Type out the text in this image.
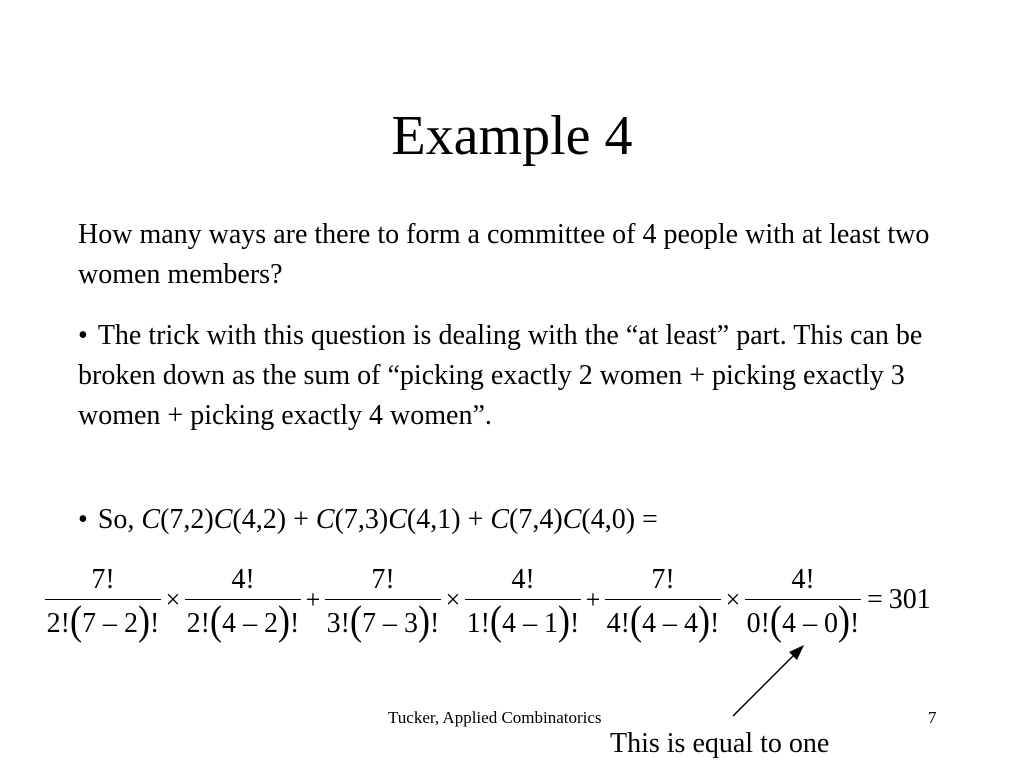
Example 4
How many ways are there to form a committee of 4 people with at least two women members?
• The trick with this question is dealing with the “at least” part. This can be broken down as the sum of “picking exactly 2 women + picking exactly 3 women + picking exactly 4 women”.
• So, C(7,2)C(4,2) + C(7,3)C(4,1) + C(7,4)C(4,0) =
$\frac{7!}{2!(7 - 2)!} \times \frac{4!}{2!(4 - 2)!} + \frac{7!}{3!(7 - 3)!} \times \frac{4!}{1!(4 - 1)!} + \frac{7!}{4!(4 - 4)!} \times \frac{4!}{0!(4 - 0)!} = 301$
Tucker, Applied Combinatorics	7
This is equal to one
